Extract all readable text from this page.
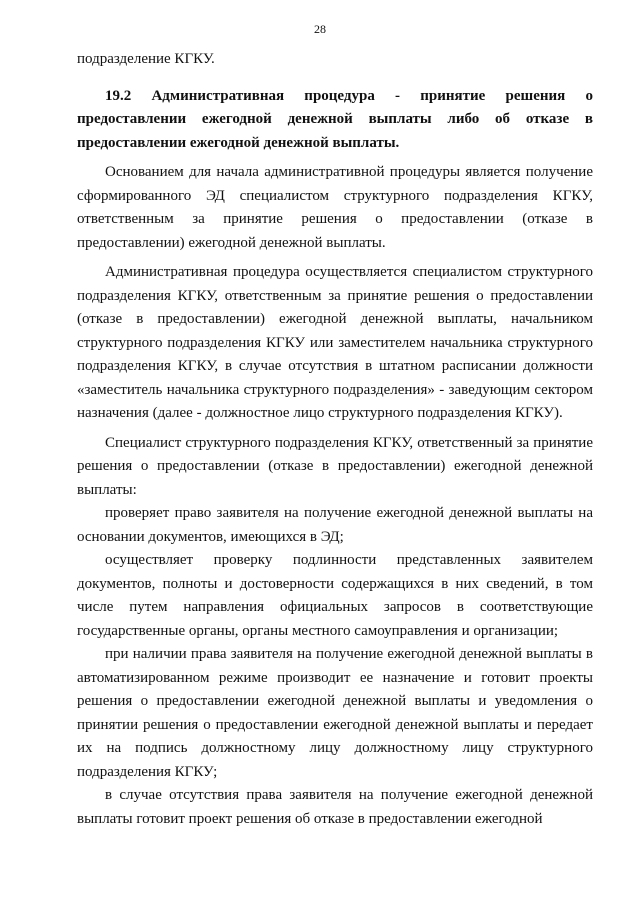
28

подразделение КГКУ.

19.2 Административная процедура - принятие решения о предоставлении ежегодной денежной выплаты либо об отказе в предоставлении ежегодной денежной выплаты.

Основанием для начала административной процедуры является получение сформированного ЭД специалистом структурного подразделения КГКУ, ответственным за принятие решения о предоставлении (отказе в предоставлении) ежегодной денежной выплаты.

Административная процедура осуществляется специалистом структурного подразделения КГКУ, ответственным за принятие решения о предоставлении (отказе в предоставлении) ежегодной денежной выплаты, начальником структурного подразделения КГКУ или заместителем начальника структурного подразделения КГКУ, в случае отсутствия в штатном расписании должности «заместитель начальника структурного подразделения» - заведующим сектором назначения (далее - должностное лицо структурного подразделения КГКУ).

Специалист структурного подразделения КГКУ, ответственный за принятие решения о предоставлении (отказе в предоставлении) ежегодной денежной выплаты:

проверяет право заявителя на получение ежегодной денежной выплаты на основании документов, имеющихся в ЭД;

осуществляет проверку подлинности представленных заявителем документов, полноты и достоверности содержащихся в них сведений, в том числе путем направления официальных запросов в соответствующие государственные органы, органы местного самоуправления и организации;

при наличии права заявителя на получение ежегодной денежной выплаты в автоматизированном режиме производит ее назначение и готовит проекты решения о предоставлении ежегодной денежной выплаты и уведомления о принятии решения о предоставлении ежегодной денежной выплаты и передает их на подпись должностному лицу должностному лицу структурного подразделения КГКУ;

в случае отсутствия права заявителя на получение ежегодной денежной выплаты готовит проект решения об отказе в предоставлении ежегодной
